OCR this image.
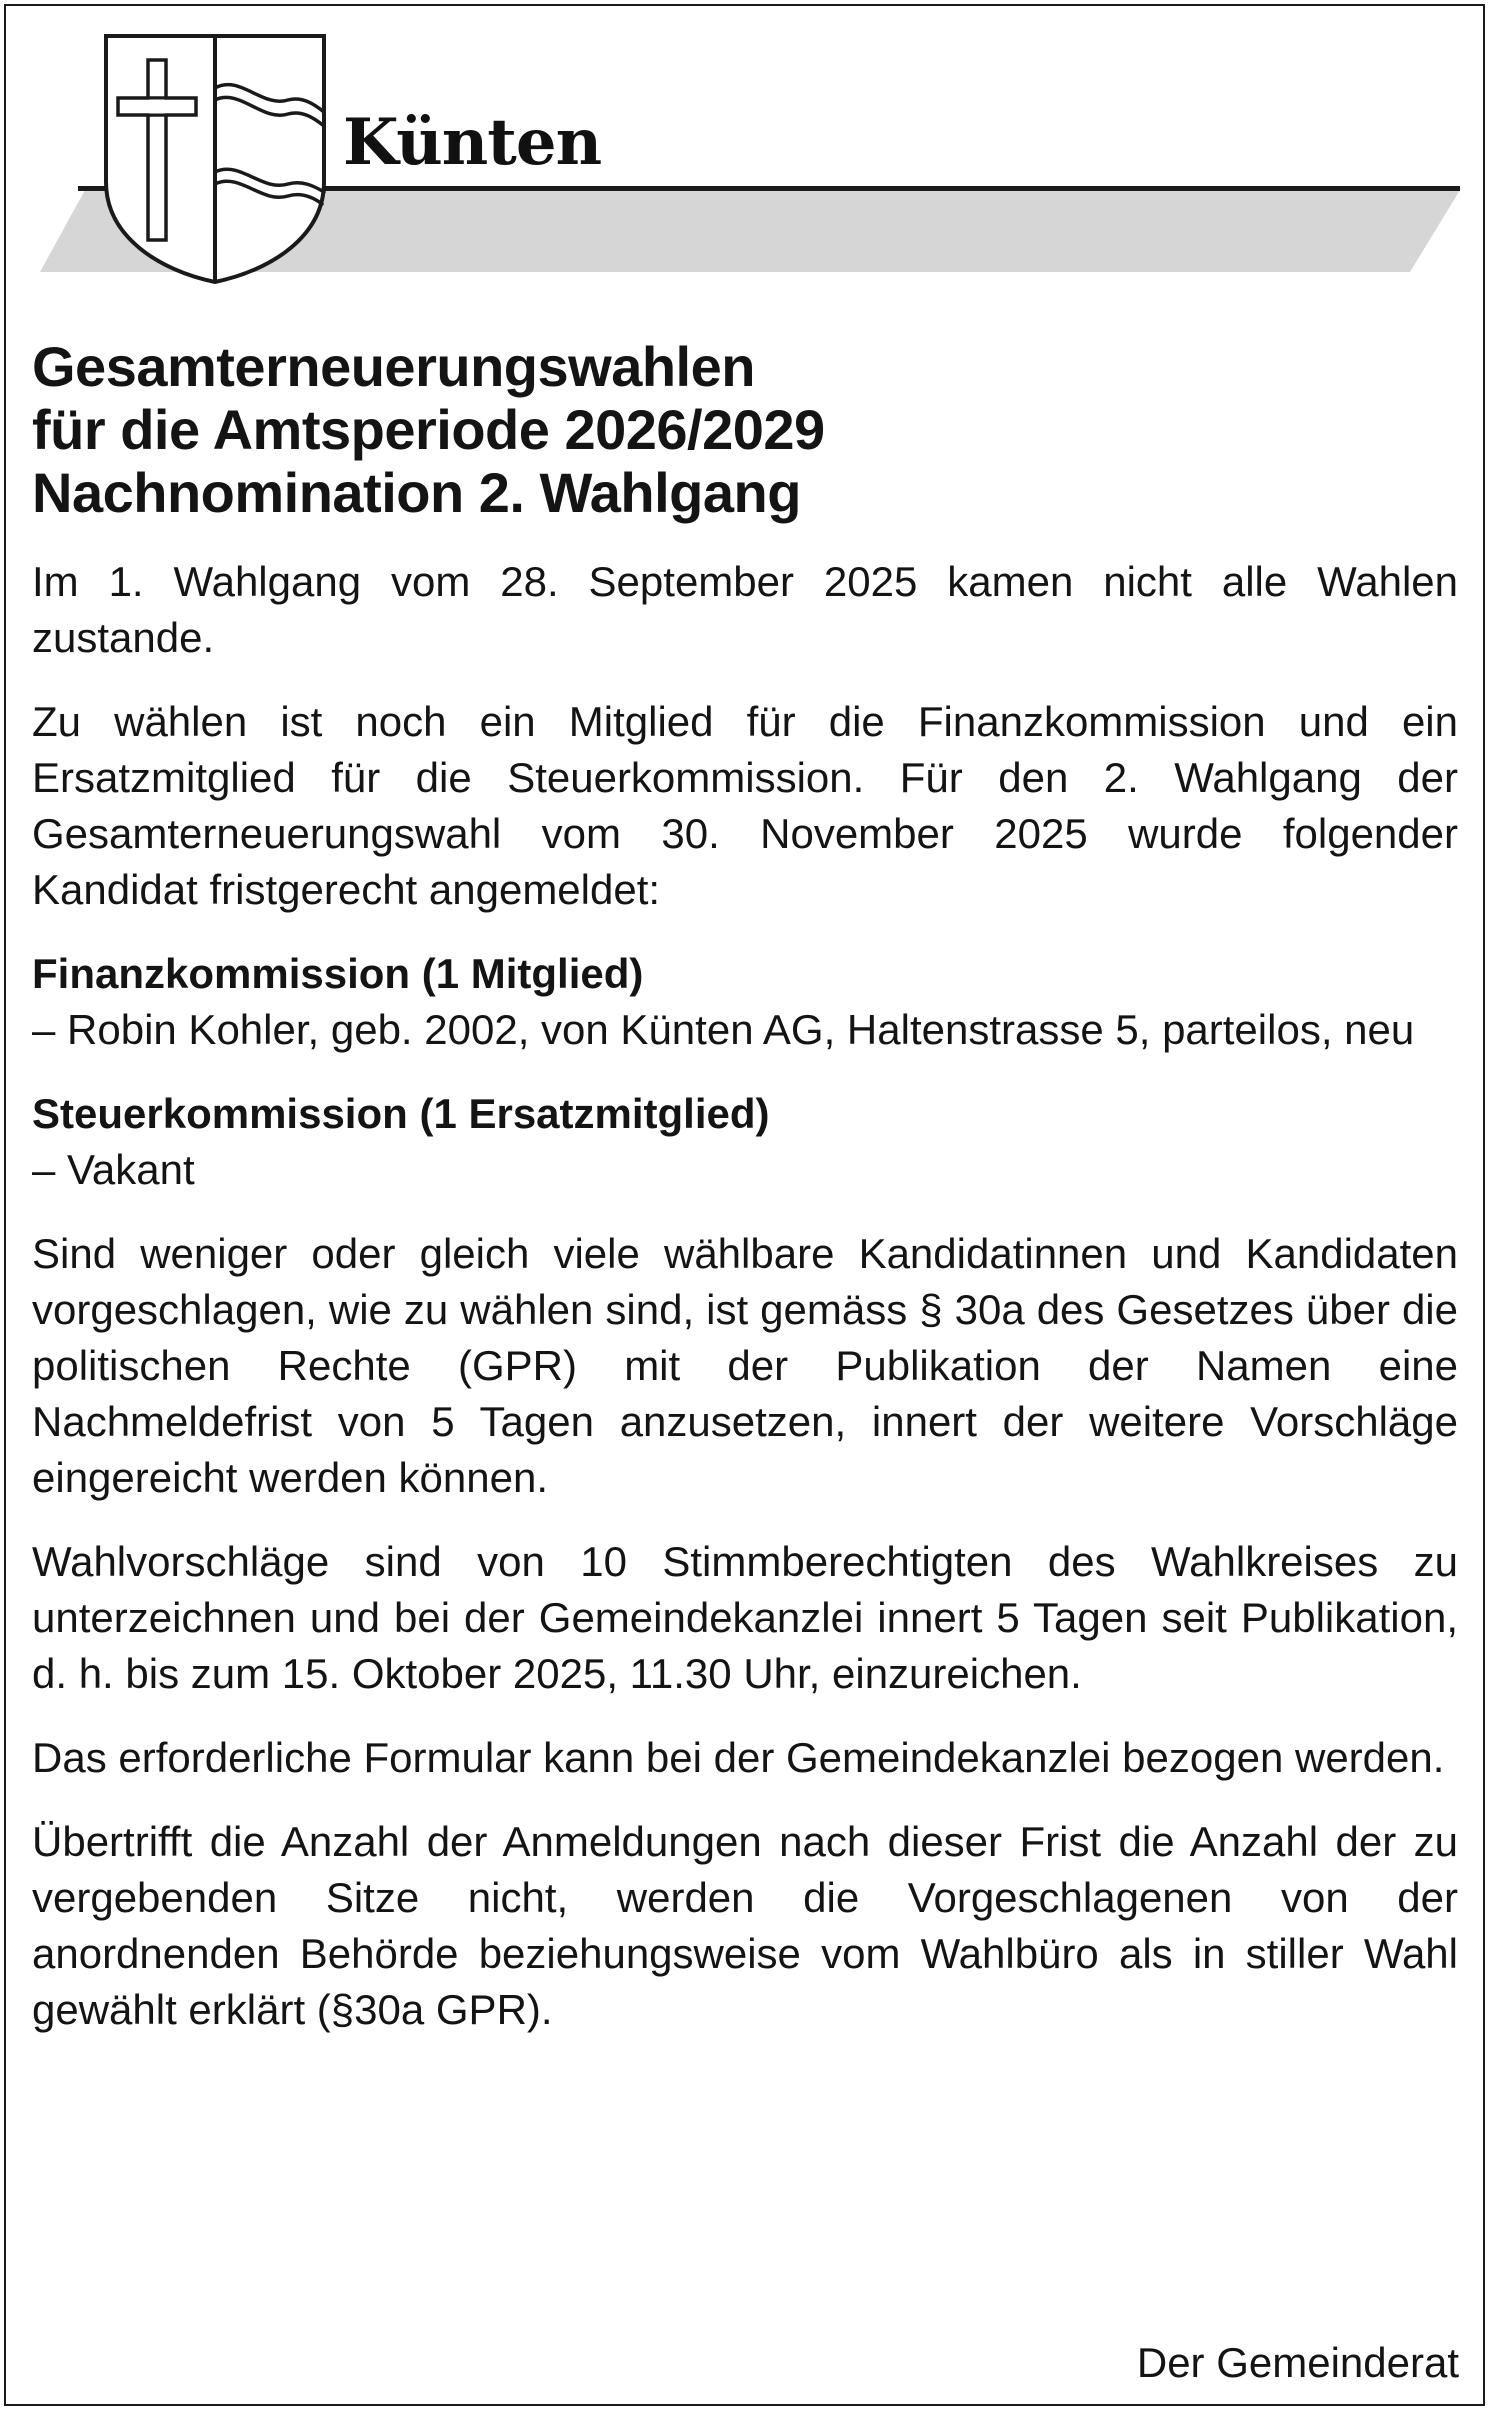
Künten
Gesamterneuerungswahlen
für die Amtsperiode 2026/2029
Nachnomination 2. Wahlgang

Im 1. Wahlgang vom 28. September 2025 kamen nicht alle Wahlen zustande.

Zu wählen ist noch ein Mitglied für die Finanzkommission und ein Ersatzmitglied für die Steuerkommission. Für den 2. Wahlgang der Gesamterneuerungswahl vom 30. November 2025 wurde folgender Kandidat fristgerecht angemeldet:

Finanzkommission (1 Mitglied)
– Robin Kohler, geb. 2002, von Künten AG, Haltenstrasse 5, parteilos, neu
Steuerkommission (1 Ersatzmitglied)
– Vakant

Sind weniger oder gleich viele wählbare Kandidatinnen und Kandidaten vorgeschlagen, wie zu wählen sind, ist gemäss § 30a des Gesetzes über die politischen Rechte (GPR) mit der Publikation der Namen eine Nachmeldefrist von 5 Tagen anzusetzen, innert der weitere Vorschläge eingereicht werden können.

Wahlvorschläge sind von 10 Stimmberechtigten des Wahlkreises zu unterzeichnen und bei der Gemeindekanzlei innert 5 Tagen seit Publikation, d. h. bis zum 15. Oktober 2025, 11.30 Uhr, einzureichen.

Das erforderliche Formular kann bei der Gemeindekanzlei bezogen werden.

Übertrifft die Anzahl der Anmeldungen nach dieser Frist die Anzahl der zu vergebenden Sitze nicht, werden die Vorgeschlagenen von der anordnenden Behörde beziehungsweise vom Wahlbüro als in stiller Wahl gewählt erklärt (§30a GPR).

Der Gemeinderat
